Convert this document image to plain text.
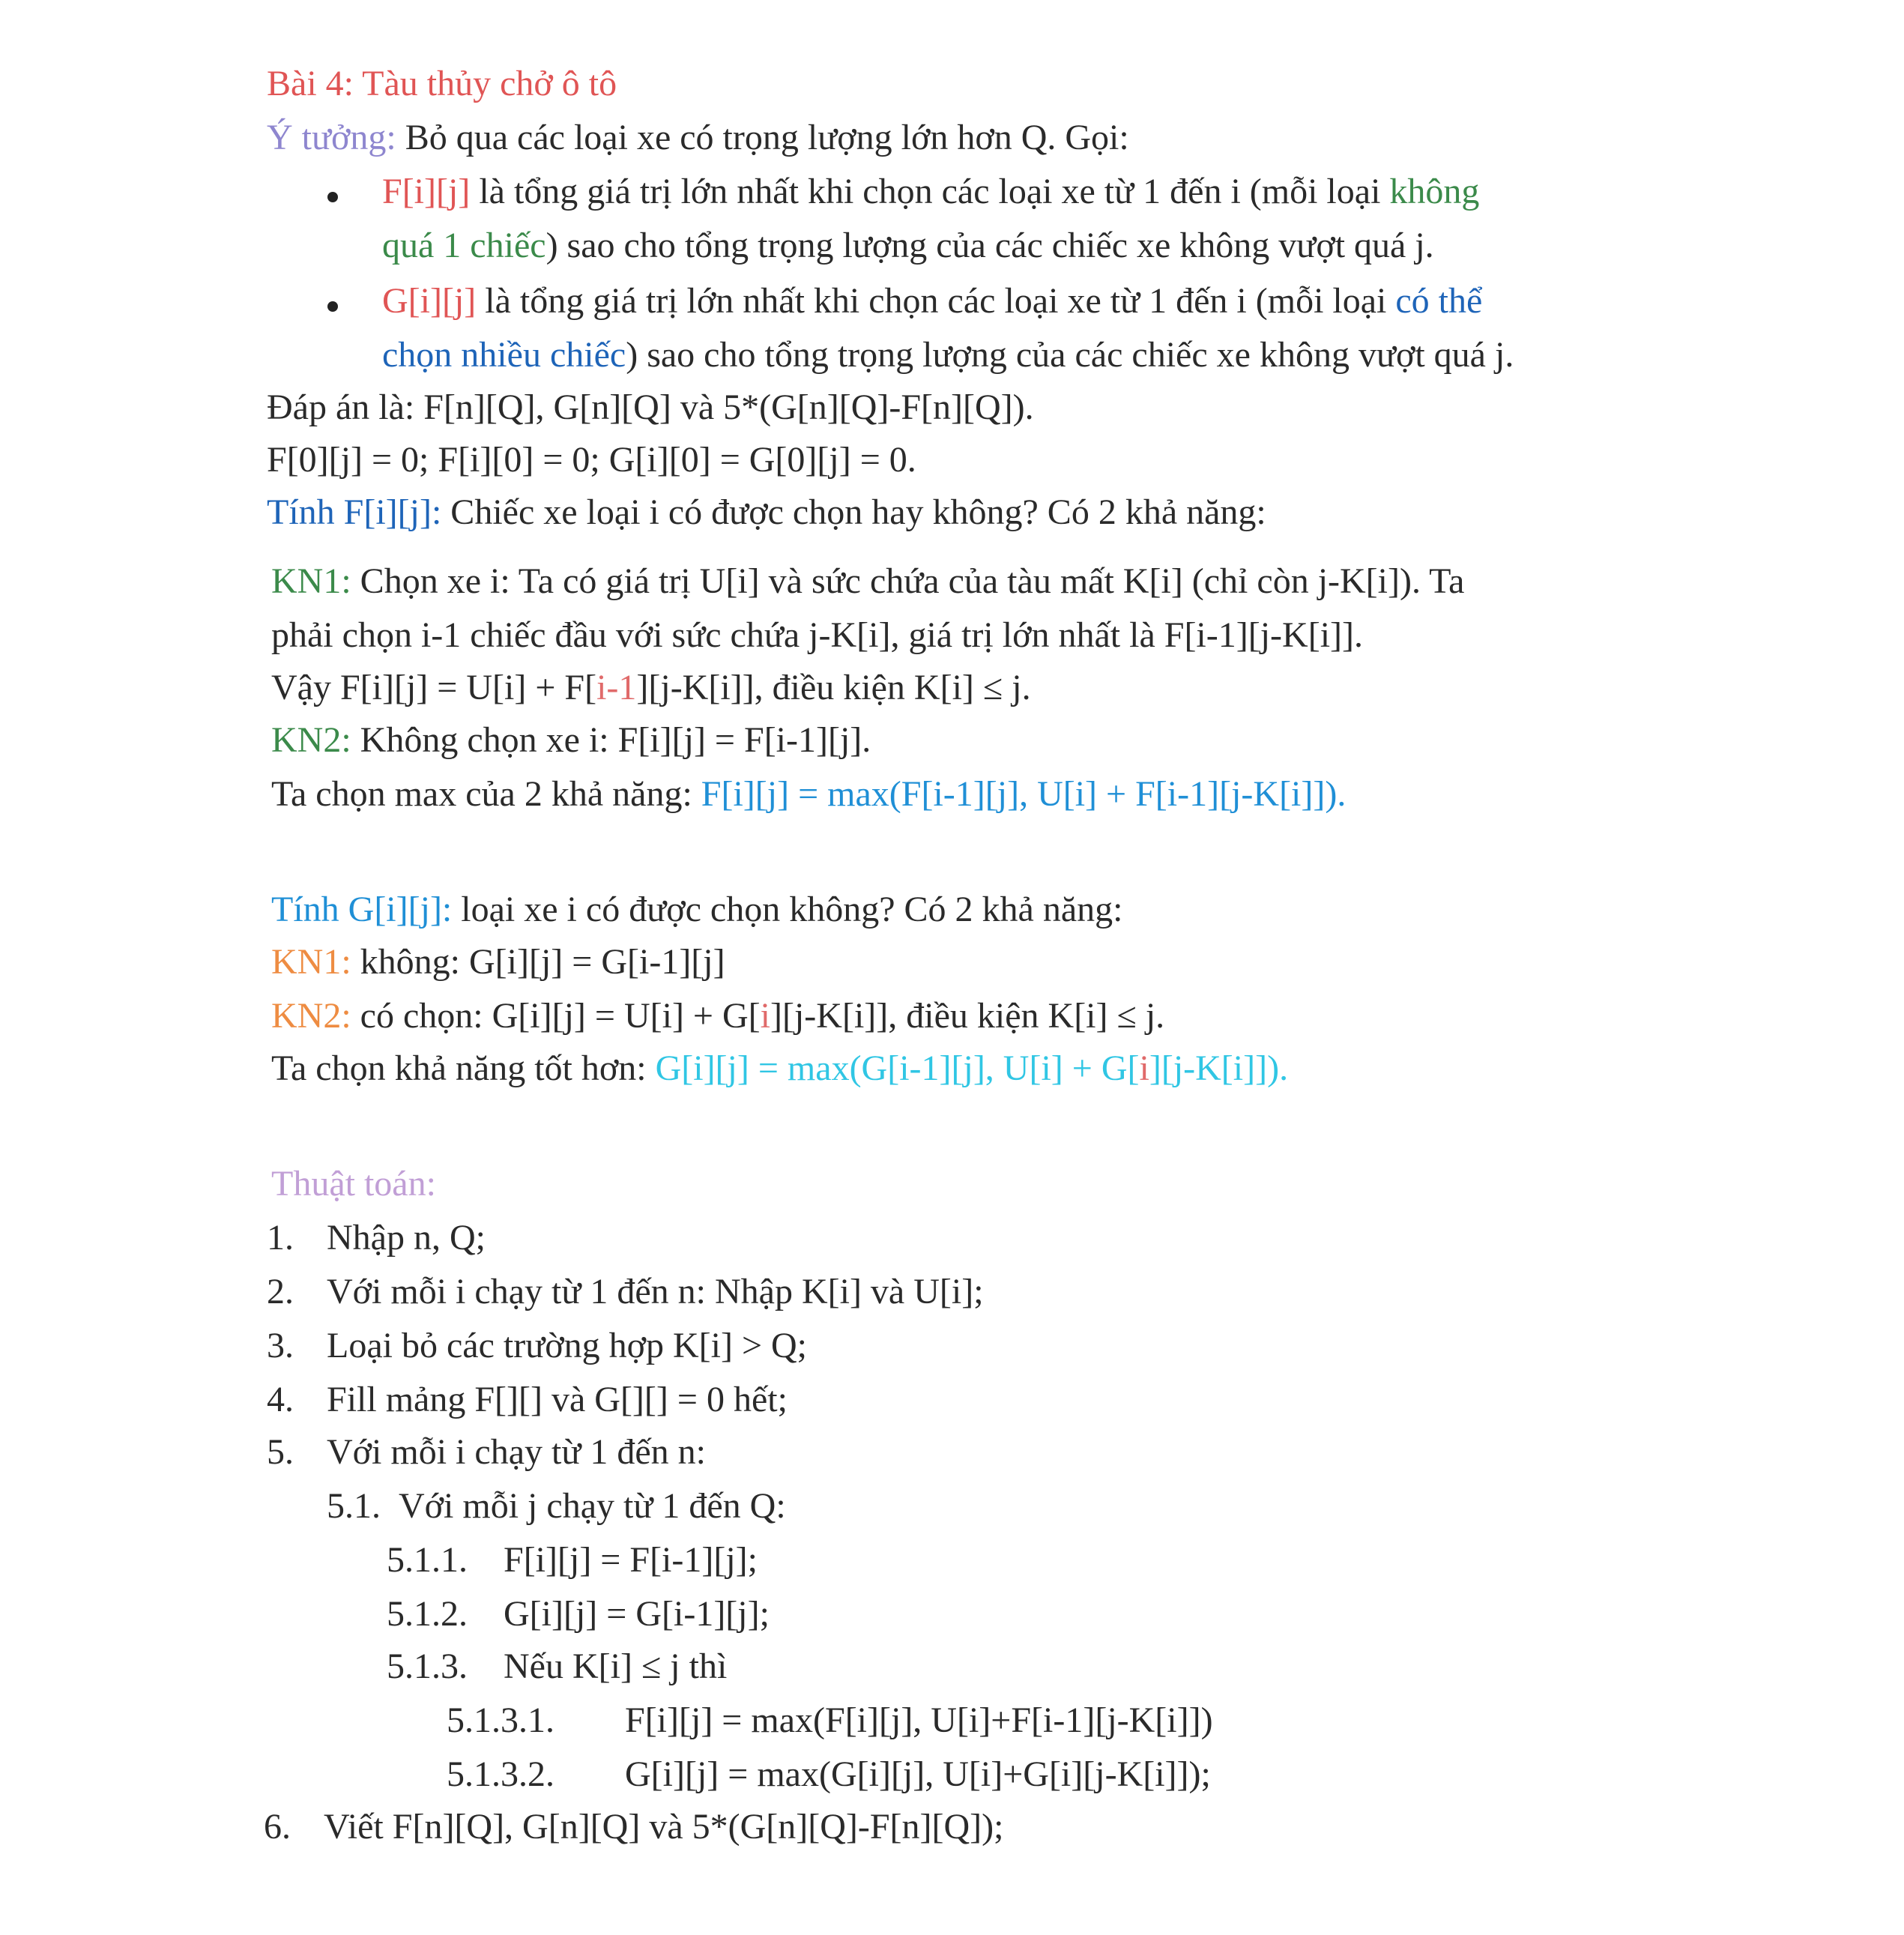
Bài 4: Tàu thủy chở ô tô
Ý tưởng: Bỏ qua các loại xe có trọng lượng lớn hơn Q. Gọi:
F[i][j] là tổng giá trị lớn nhất khi chọn các loại xe từ 1 đến i (mỗi loại không
quá 1 chiếc) sao cho tổng trọng lượng của các chiếc xe không vượt quá j.
G[i][j] là tổng giá trị lớn nhất khi chọn các loại xe từ 1 đến i (mỗi loại có thể
chọn nhiều chiếc) sao cho tổng trọng lượng của các chiếc xe không vượt quá j.
Đáp án là: F[n][Q], G[n][Q] và 5*(G[n][Q]-F[n][Q]).
F[0][j] = 0; F[i][0] = 0; G[i][0] = G[0][j] = 0.
Tính F[i][j]: Chiếc xe loại i có được chọn hay không? Có 2 khả năng:
KN1: Chọn xe i: Ta có giá trị U[i] và sức chứa của tàu mất K[i] (chỉ còn j-K[i]). Ta
phải chọn i-1 chiếc đầu với sức chứa j-K[i], giá trị lớn nhất là F[i-1][j-K[i]].
Vậy F[i][j] = U[i] + F[i-1][j-K[i]], điều kiện K[i] ≤ j.
KN2: Không chọn xe i: F[i][j] = F[i-1][j].
Ta chọn max của 2 khả năng: F[i][j] = max(F[i-1][j], U[i] + F[i-1][j-K[i]]).
Tính G[i][j]: loại xe i có được chọn không? Có 2 khả năng:
KN1: không: G[i][j] = G[i-1][j]
KN2: có chọn: G[i][j] = U[i] + G[i][j-K[i]], điều kiện K[i] ≤ j.
Ta chọn khả năng tốt hơn: G[i][j] = max(G[i-1][j], U[i] + G[i][j-K[i]]).
Thuật toán:
1. Nhập n, Q;
2. Với mỗi i chạy từ 1 đến n: Nhập K[i] và U[i];
3. Loại bỏ các trường hợp K[i] > Q;
4. Fill mảng F[][] và G[][] = 0 hết;
5. Với mỗi i chạy từ 1 đến n:
5.1. Với mỗi j chạy từ 1 đến Q:
5.1.1. F[i][j] = F[i-1][j];
5.1.2. G[i][j] = G[i-1][j];
5.1.3. Nếu K[i] ≤ j thì
5.1.3.1. F[i][j] = max(F[i][j], U[i]+F[i-1][j-K[i]])
5.1.3.2. G[i][j] = max(G[i][j], U[i]+G[i][j-K[i]]);
6. Viết F[n][Q], G[n][Q] và 5*(G[n][Q]-F[n][Q]);
